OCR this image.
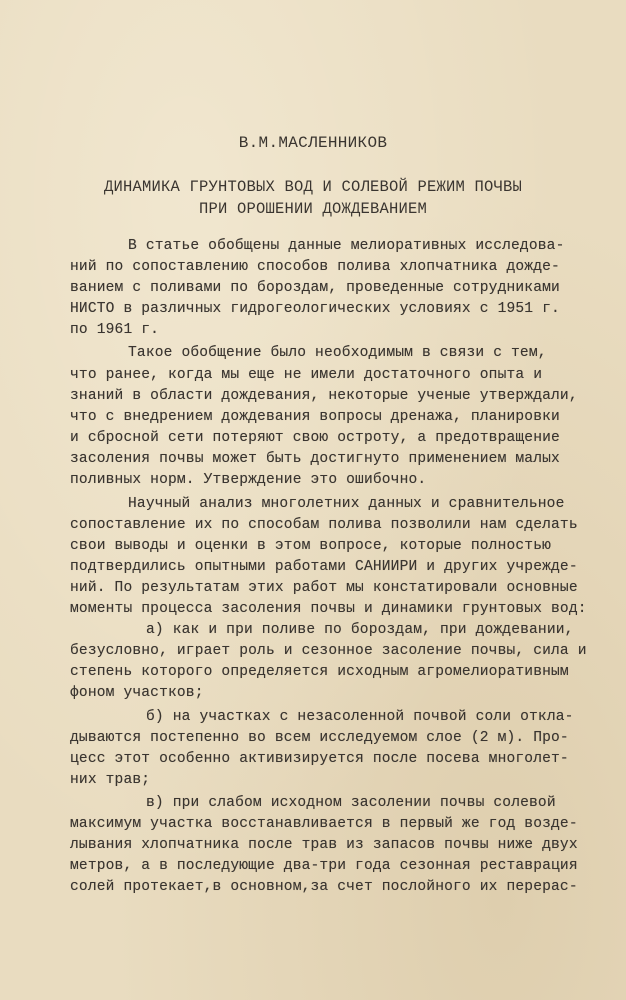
В.М.МАСЛЕННИКОВ
ДИНАМИКА ГРУНТОВЫХ ВОД И СОЛЕВОЙ РЕЖИМ ПОЧВЫ
ПРИ ОРОШЕНИИ ДОЖДЕВАНИЕМ
В статье обобщены данные мелиоративных исследова-
ний по сопоставлению способов полива хлопчатника дожде-
ванием с поливами по бороздам, проведенные сотрудниками
НИСТО в различных гидрогеологических условиях с 1951 г.
по 1961 г.
Такое обобщение было необходимым в связи с тем,
что ранее, когда мы еще не имели достаточного опыта и
знаний в области дождевания, некоторые ученые утверждали,
что с внедрением дождевания вопросы дренажа, планировки
и сбросной сети потеряют свою остроту, а предотвращение
засоления почвы может быть достигнуто применением малых
поливных норм. Утверждение это ошибочно.
Научный анализ многолетних данных и сравнительное
сопоставление их по способам полива позволили нам сделать
свои выводы и оценки в этом вопросе, которые полностью
подтвердились опытными работами САНИИРИ и других учрежде-
ний. По результатам этих работ мы констатировали основные
моменты процесса засоления почвы и динамики грунтовых вод:
а) как и при поливе по бороздам, при дождевании,
безусловно, играет роль и сезонное засоление почвы, сила и
степень которого определяется исходным агромелиоративным
фоном участков;
б) на участках с незасоленной почвой соли откла-
дываются постепенно во всем исследуемом слое (2 м). Про-
цесс этот особенно активизируется после посева многолет-
них трав;
в) при слабом исходном засолении почвы солевой
максимум участка восстанавливается в первый же год возде-
лывания хлопчатника после трав из запасов почвы ниже двух
метров, а в последующие два-три года сезонная реставрация
солей протекает,в основном,за счет послойного их перерас-
